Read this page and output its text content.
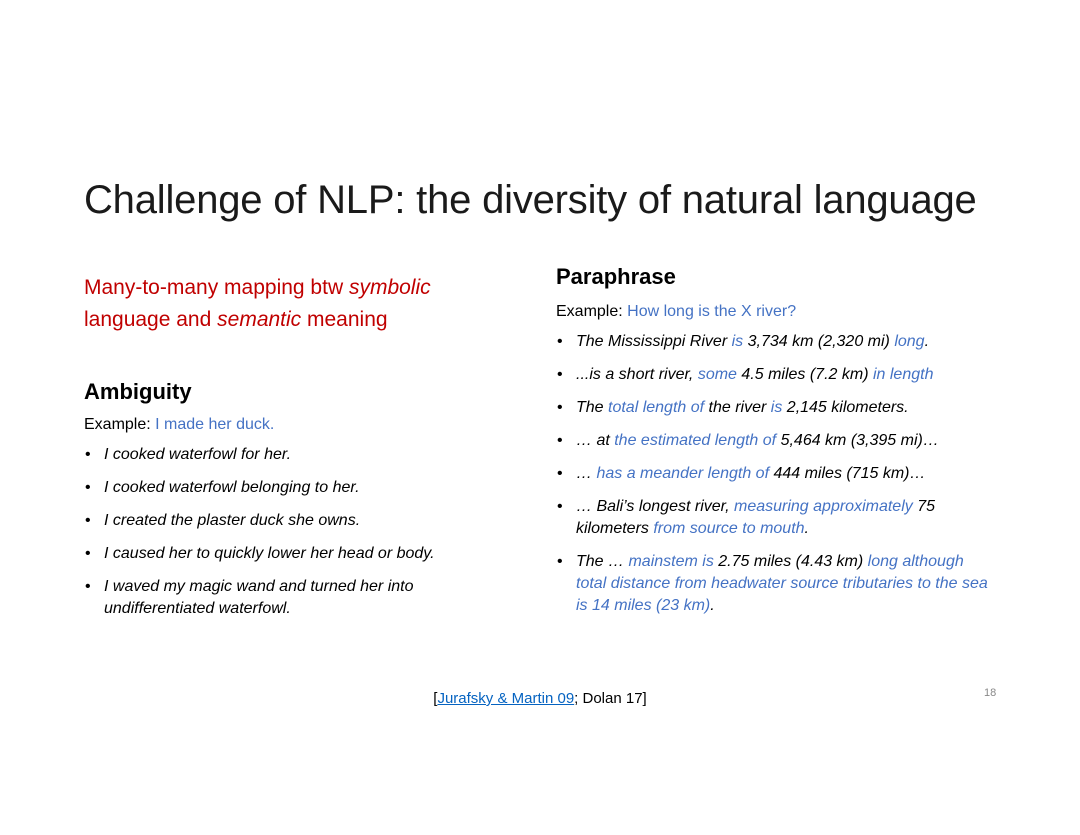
Challenge of NLP: the diversity of natural language
Many-to-many mapping btw symbolic
language and semantic meaning
Ambiguity
Example: I made her duck.
• I cooked waterfowl for her.
• I cooked waterfowl belonging to her.
• I created the plaster duck she owns.
• I caused her to quickly lower her head or body.
• I waved my magic wand and turned her into undifferentiated waterfowl.
Paraphrase
Example: How long is the X river?
• The Mississippi River is 3,734 km (2,320 mi) long.
• ...is a short river, some 4.5 miles (7.2 km) in length
• The total length of the river is 2,145 kilometers.
• … at the estimated length of 5,464 km (3,395 mi)…
• … has a meander length of 444 miles (715 km)…
• … Bali’s longest river, measuring approximately 75 kilometers from source to mouth.
• The … mainstem is 2.75 miles (4.43 km) long although total distance from headwater source tributaries to the sea is 14 miles (23 km).
[Jurafsky & Martin 09; Dolan 17]	18
